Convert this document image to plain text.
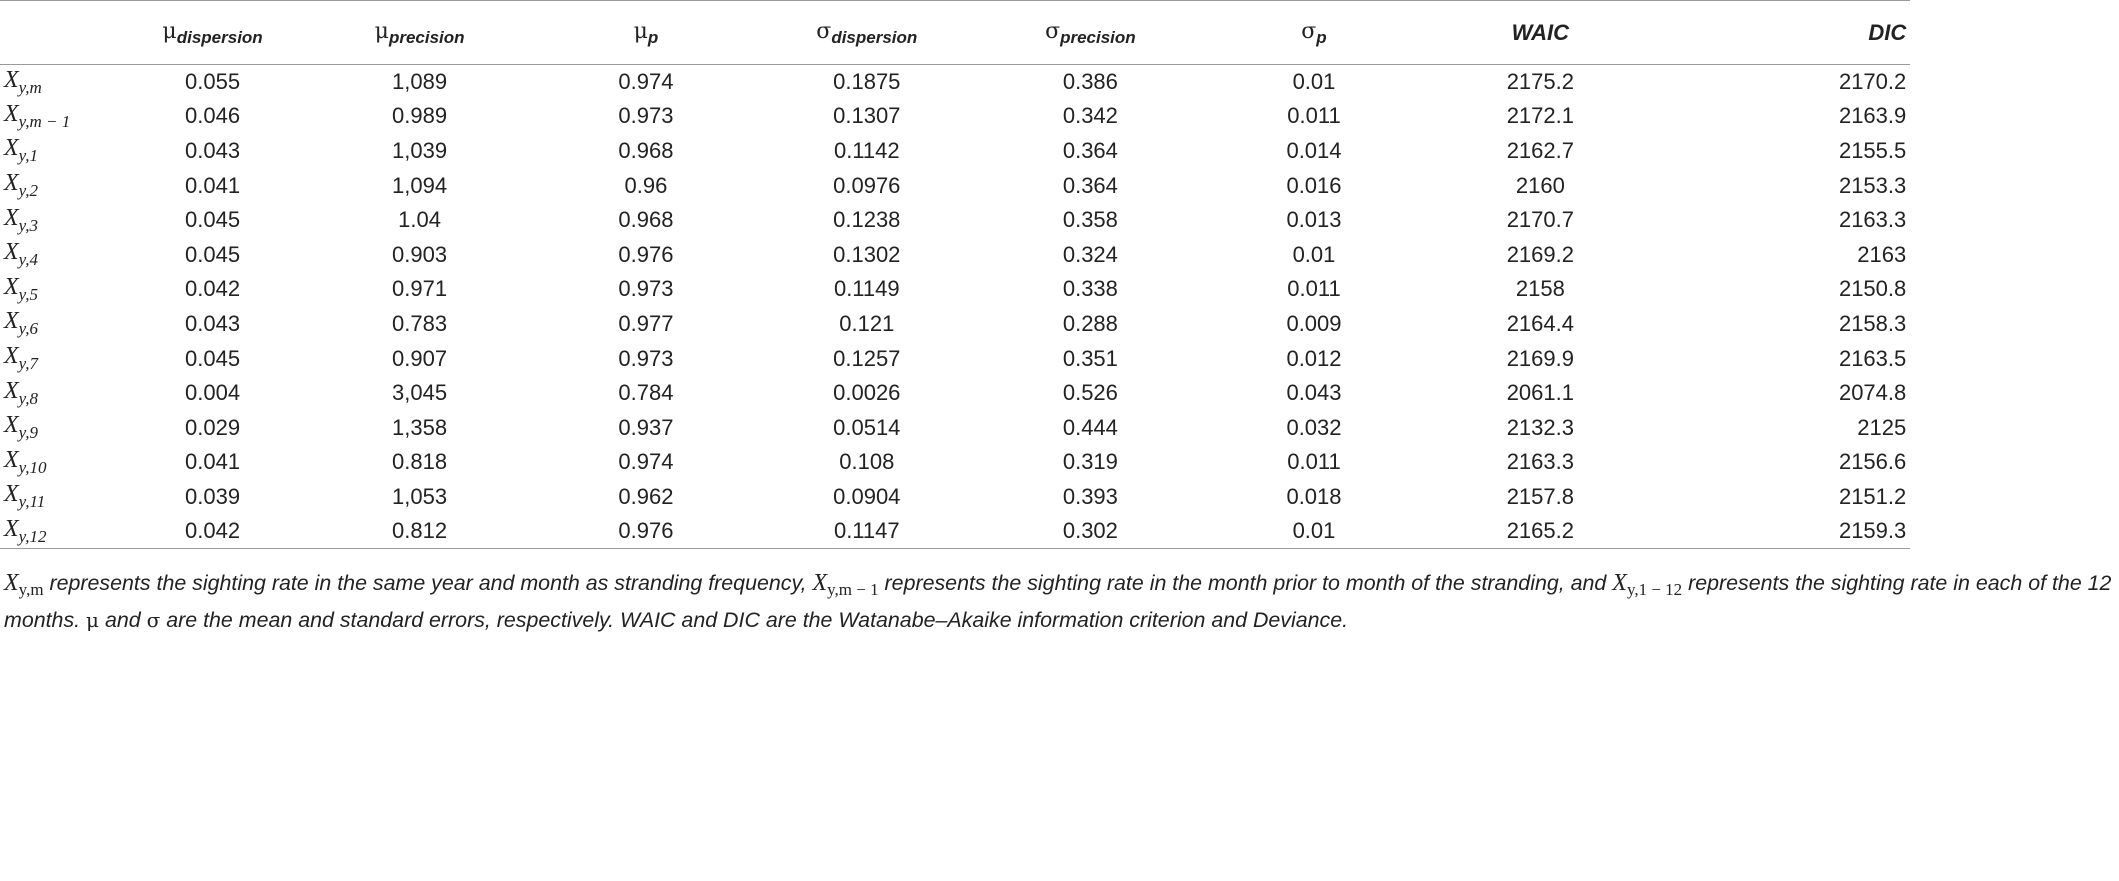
	$\mu_{dispersion}$	$\mu_{precision}$	$\mu_p$	$\sigma_{dispersion}$	$\sigma_{precision}$	$\sigma_p$	WAIC	DIC
$X_{y,m}$	0.055	1,089	0.974	0.1875	0.386	0.01	2175.2	2170.2
$X_{y,m - 1}$	0.046	0.989	0.973	0.1307	0.342	0.011	2172.1	2163.9
$X_{y,1}$	0.043	1,039	0.968	0.1142	0.364	0.014	2162.7	2155.5
$X_{y,2}$	0.041	1,094	0.96	0.0976	0.364	0.016	2160	2153.3
$X_{y,3}$	0.045	1.04	0.968	0.1238	0.358	0.013	2170.7	2163.3
$X_{y,4}$	0.045	0.903	0.976	0.1302	0.324	0.01	2169.2	2163
$X_{y,5}$	0.042	0.971	0.973	0.1149	0.338	0.011	2158	2150.8
$X_{y,6}$	0.043	0.783	0.977	0.121	0.288	0.009	2164.4	2158.3
$X_{y,7}$	0.045	0.907	0.973	0.1257	0.351	0.012	2169.9	2163.5
$X_{y,8}$	0.004	3,045	0.784	0.0026	0.526	0.043	2061.1	2074.8
$X_{y,9}$	0.029	1,358	0.937	0.0514	0.444	0.032	2132.3	2125
$X_{y,10}$	0.041	0.818	0.974	0.108	0.319	0.011	2163.3	2156.6
$X_{y,11}$	0.039	1,053	0.962	0.0904	0.393	0.018	2157.8	2151.2
$X_{y,12}$	0.042	0.812	0.976	0.1147	0.302	0.01	2165.2	2159.3
$X_{y,m}$ represents the sighting rate in the same year and month as stranding frequency, $X_{y,m - 1}$ represents the sighting rate in the month prior to month of the stranding, and $X_{y,1 - 12}$ represents the sighting rate in each of the 12 months. μ and σ are the mean and standard errors, respectively. WAIC and DIC are the Watanabe–Akaike information criterion and Deviance.
